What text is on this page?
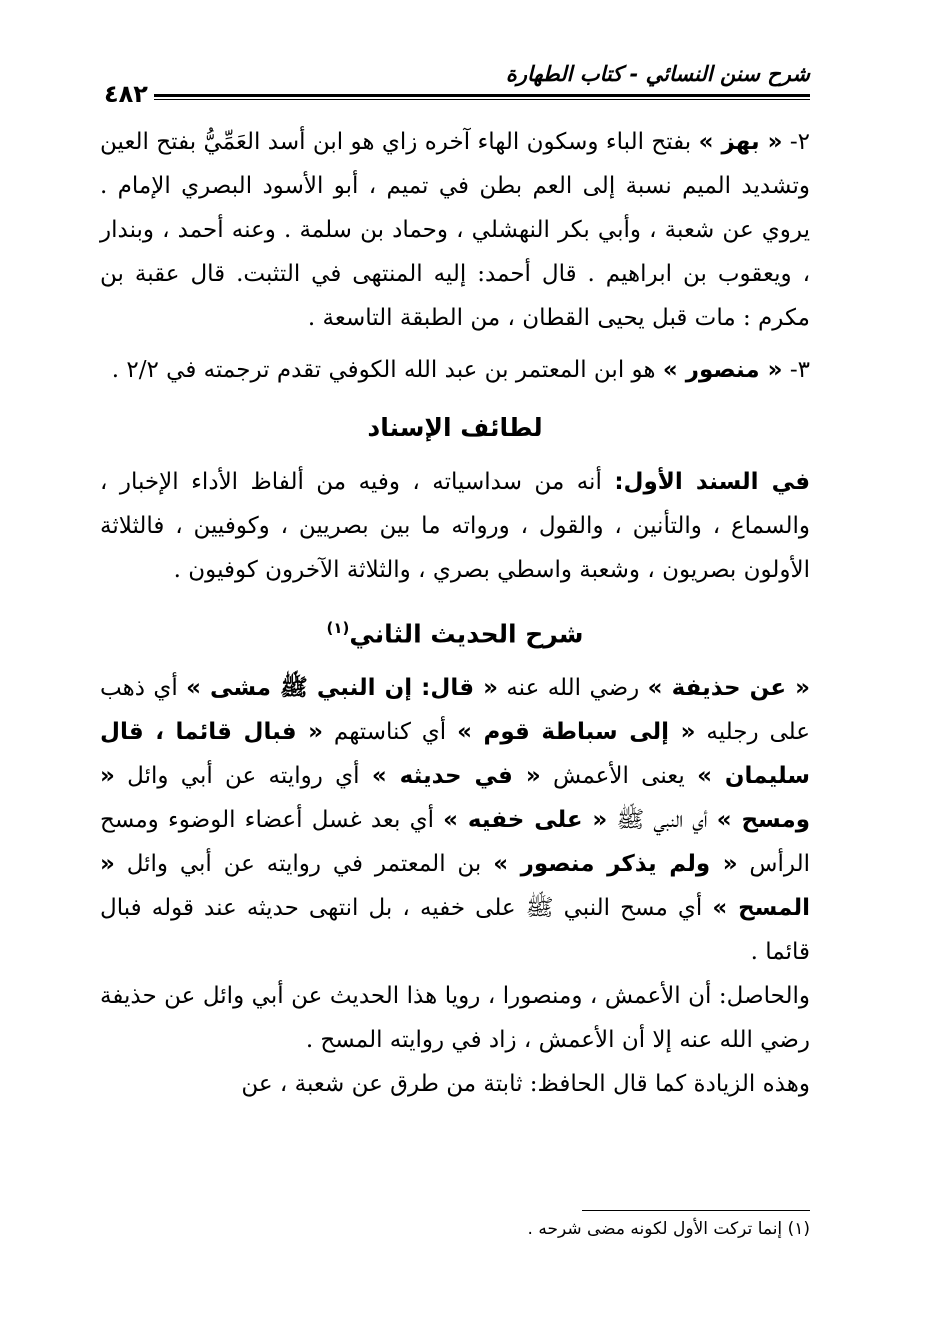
شرح سنن النسائي - كتاب الطهارة
٤٨٢

٢- « بهز » بفتح الباء وسكون الهاء آخره زاي هو ابن أسد العَمِّيُّ بفتح العين وتشديد الميم نسبة إلى العم بطن في تميم ، أبو الأسود البصري الإمام . يروي عن شعبة ، وأبي بكر النهشلي ، وحماد بن سلمة . وعنه أحمد ، وبندار ، ويعقوب بن ابراهيم . قال أحمد: إليه المنتهى في التثبت. قال عقبة بن مكرم : مات قبل يحيى القطان ، من الطبقة التاسعة .

٣- « منصور » هو ابن المعتمر بن عبد الله الكوفي تقدم ترجمته في ٢/٢ .

لطائف الإسناد

في السند الأول: أنه من سداسياته ، وفيه من ألفاظ الأداء الإخبار ، والسماع ، والتأنين ، والقول ، ورواته ما بين بصريين ، وكوفيين ، فالثلاثة الأولون بصريون ، وشعبة واسطي بصري ، والثلاثة الآخرون كوفيون .

شرح الحديث الثاني$^{(١)}$

« عن حذيفة » رضي الله عنه « قال: إن النبي ﷺ مشى » أي ذهب على رجليه « إلى سباطة قوم » أي كناستهم « فبال قائما ، قال سليمان » يعنى الأعمش « في حديثه » أي روايته عن أبي وائل « ومسح » أي النبي ﷺ « على خفيه » أي بعد غسل أعضاء الوضوء ومسح الرأس « ولم يذكر منصور » بن المعتمر في روايته عن أبي وائل « المسح » أي مسح النبي ﷺ على خفيه ، بل انتهى حديثه عند قوله فبال قائما .

والحاصل: أن الأعمش ، ومنصورا ، رويا هذا الحديث عن أبي وائل عن حذيفة رضي الله عنه إلا أن الأعمش ، زاد في روايته المسح .

وهذه الزيادة كما قال الحافظ: ثابتة من طرق عن شعبة ، عن

(١) إنما تركت الأول لكونه مضى شرحه .
